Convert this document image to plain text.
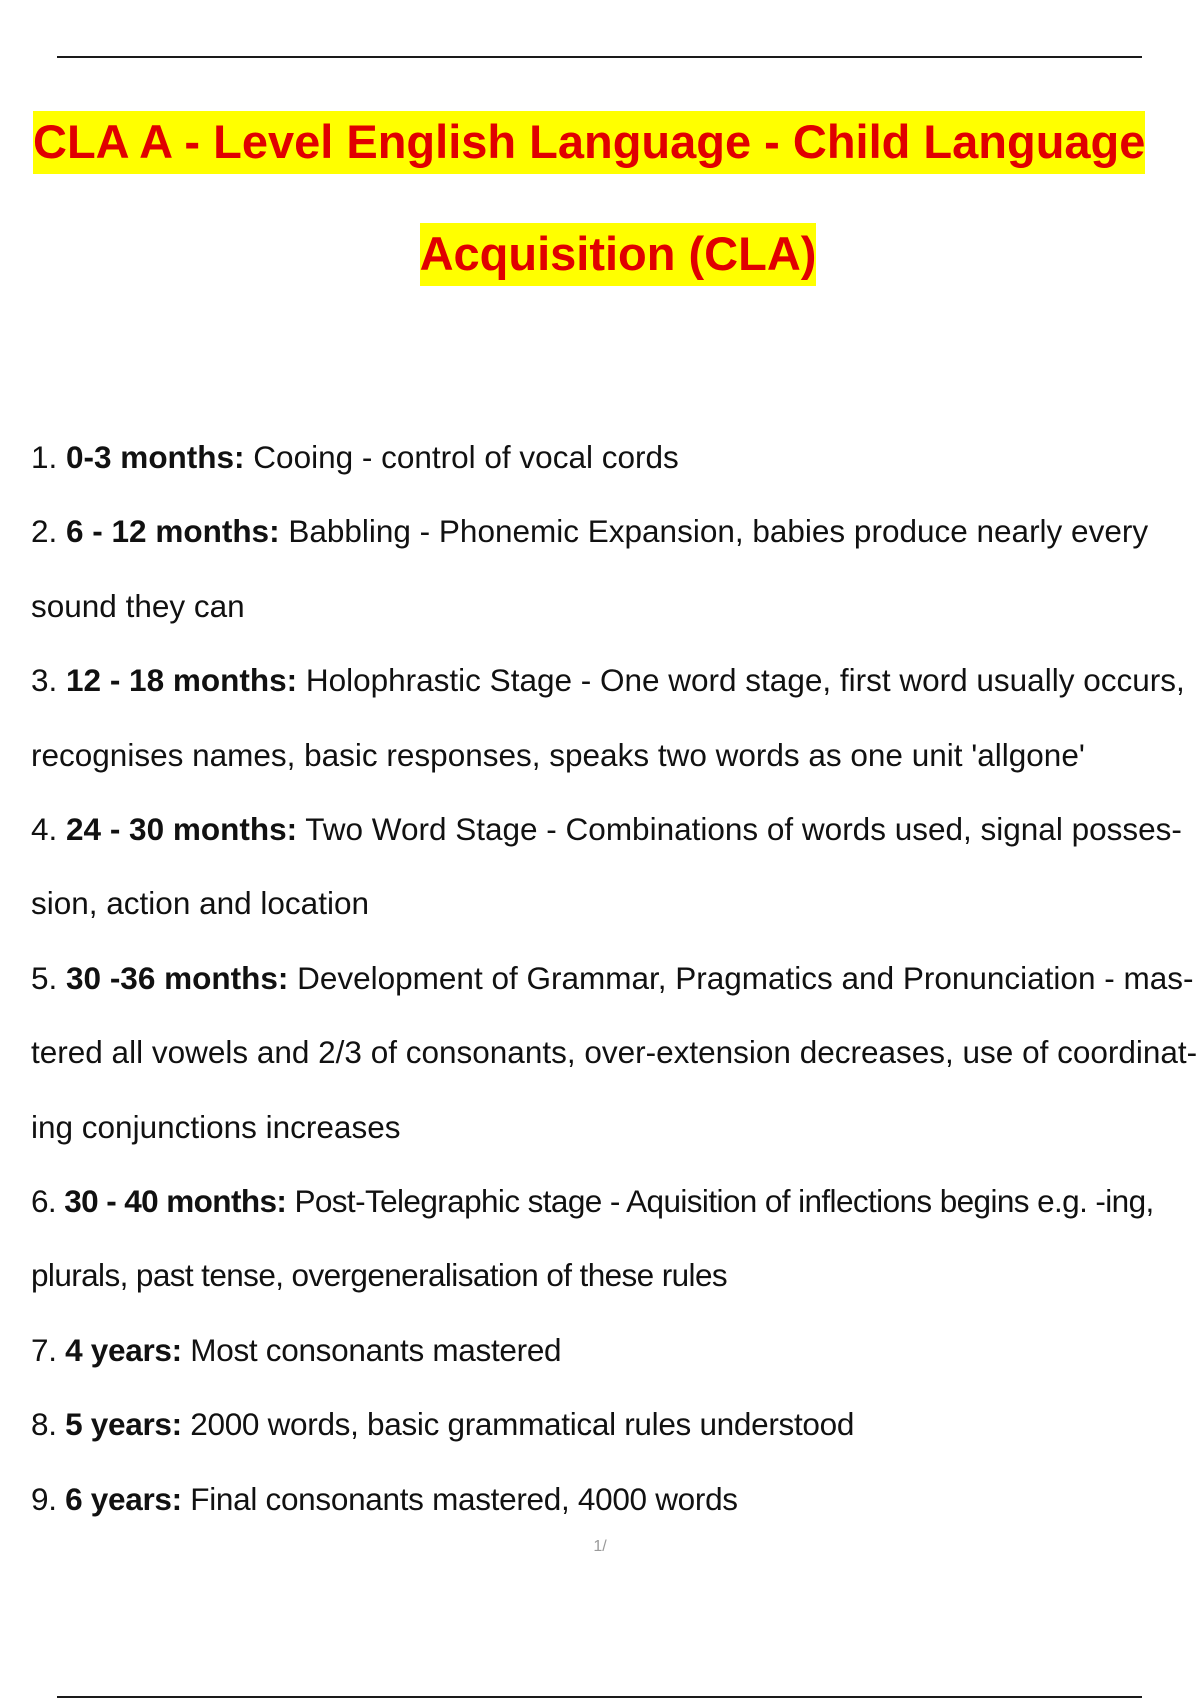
CLA A - Level English Language - Child Language
Acquisition (CLA)
1. 0-3 months: Cooing - control of vocal cords
2. 6 - 12 months: Babbling - Phonemic Expansion, babies produce nearly every
sound they can
3. 12 - 18 months: Holophrastic Stage - One word stage, first word usually occurs,
recognises names, basic responses, speaks two words as one unit 'allgone'
4. 24 - 30 months: Two Word Stage - Combinations of words used, signal posses-
sion, action and location
5. 30 -36 months: Development of Grammar, Pragmatics and Pronunciation - mas-
tered all vowels and 2/3 of consonants, over-extension decreases, use of coordinat-
ing conjunctions increases
6. 30 - 40 months: Post-Telegraphic stage - Aquisition of inflections begins e.g. -ing,
plurals, past tense, overgeneralisation of these rules
7. 4 years: Most consonants mastered
8. 5 years: 2000 words, basic grammatical rules understood
9. 6 years: Final consonants mastered, 4000 words
1/
